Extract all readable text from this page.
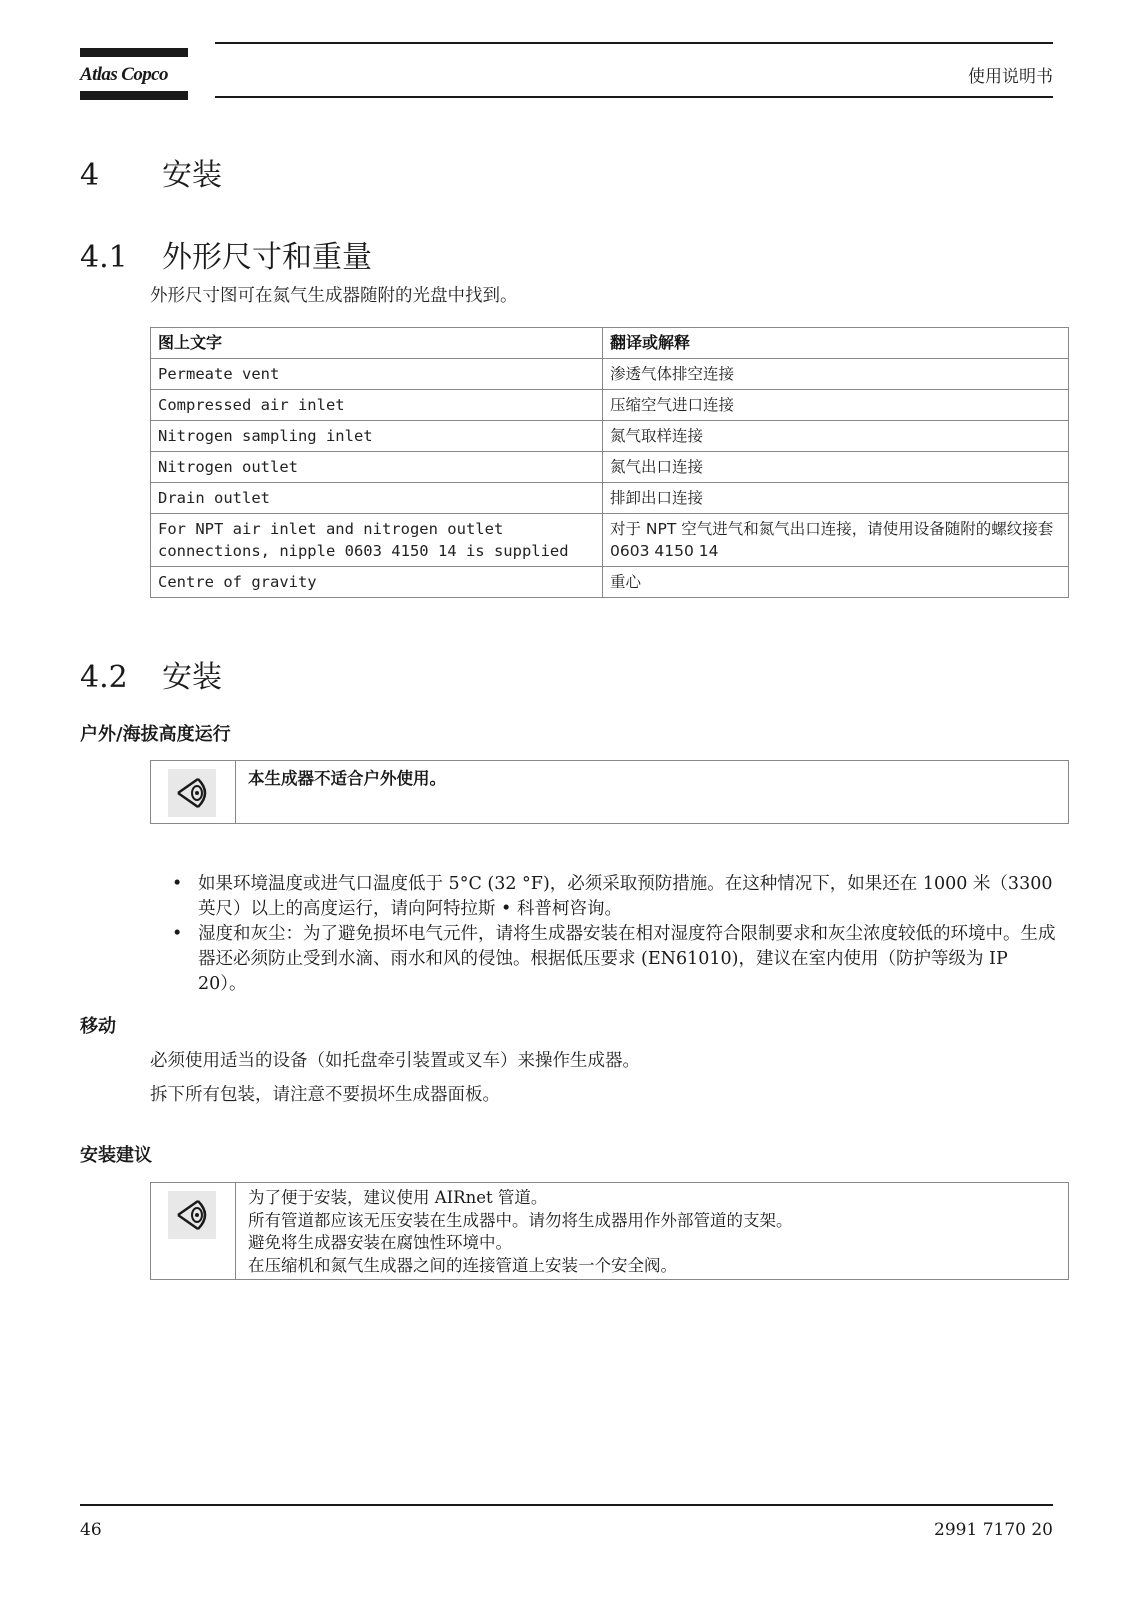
Atlas Copco	使用说明书
4 安装
4.1 外形尺寸和重量
外形尺寸图可在氮气生成器随附的光盘中找到。
图上文字	翻译或解释
Permeate vent	渗透气体排空连接
Compressed air inlet	压缩空气进口连接
Nitrogen sampling inlet	氮气取样连接
Nitrogen outlet	氮气出口连接
Drain outlet	排卸出口连接
For NPT air inlet and nitrogen outlet connections, nipple 0603 4150 14 is supplied	对于 NPT 空气进气和氮气出口连接，请使用设备随附的螺纹接套 0603 4150 14
Centre of gravity	重心
4.2 安装
户外/海拔高度运行
本生成器不适合户外使用。
• 如果环境温度或进气口温度低于 5°C (32 °F)，必须采取预防措施。在这种情况下，如果还在 1000 米（3300 英尺）以上的高度运行，请向阿特拉斯 • 科普柯咨询。
• 湿度和灰尘：为了避免损坏电气元件，请将生成器安装在相对湿度符合限制要求和灰尘浓度较低的环境中。生成器还必须防止受到水滴、雨水和风的侵蚀。根据低压要求 (EN61010)，建议在室内使用（防护等级为 IP 20）。
移动
必须使用适当的设备（如托盘牵引装置或叉车）来操作生成器。
拆下所有包装，请注意不要损坏生成器面板。
安装建议
为了便于安装，建议使用 AIRnet 管道。
所有管道都应该无压安装在生成器中。请勿将生成器用作外部管道的支架。
避免将生成器安装在腐蚀性环境中。
在压缩机和氮气生成器之间的连接管道上安装一个安全阀。
46	2991 7170 20
